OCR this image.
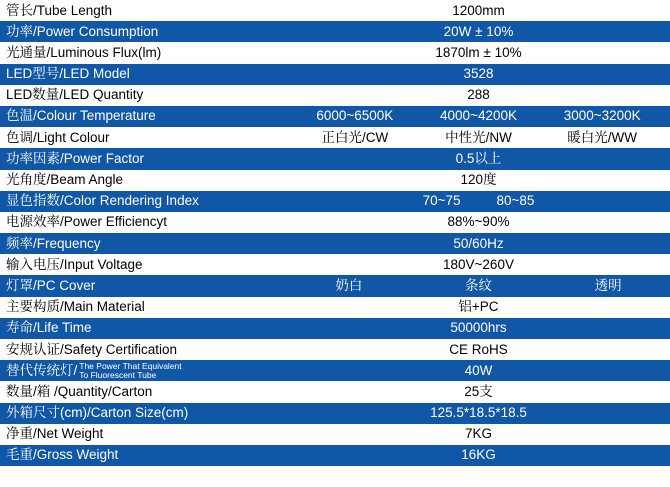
管长/Tube Length	1200mm
功率/Power Consumption	20W ± 10%
光通量/Luminous Flux(lm)	1870lm ± 10%
LED型号/LED Model	3528
LED数量/LED Quantity	288
色温/Colour Temperature	6000~6500K 4000~4200K 3000~3200K

色调/Light Colour	正白光/CW 中性光/NW 暖白光/WW

功率因素/Power Factor	0.5以上
光角度/Beam Angle	120度
显色指数/Color Rendering Index	70~75 80~85

电源效率/Power Efficiencyt	88%~90%
频率/Frequency	50/60Hz
输入电压/Input Voltage	180V~260V
灯罩/PC Cover	奶白 条纹 透明

主要构质/Main Material	铝+PC
寿命/Life Time	50000hrs
安规认证/Safety Certification	CE RoHS

替代传统灯/ The Power That Equivalent
To Fluorescent Tube	40W
数量/箱 /Quantity/Carton	25支
外箱尺寸(cm)/Carton Size(cm)	125.5*18.5*18.5
净重/Net Weight	7KG
毛重/Gross Weight	16KG
